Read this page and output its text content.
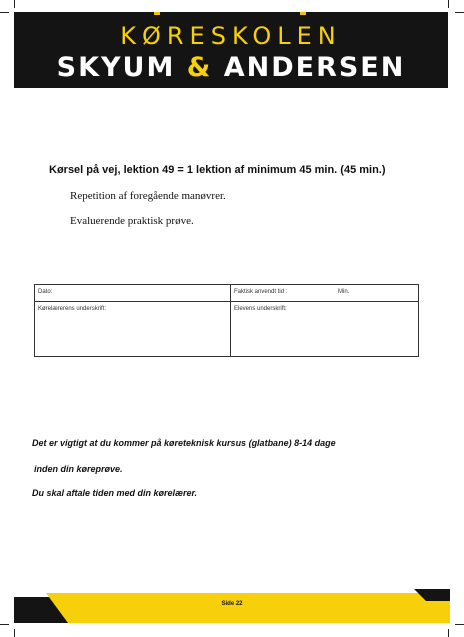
KØRESKOLEN
SKYUM & ANDERSEN
Kørsel på vej, lektion 49 = 1 lektion af minimum 45 min. (45 min.)
Repetition af foregående manøvrer.
Evaluerende praktisk prøve.
Dato:	Faktisk anvendt tid :	Min.
Kørelærerens underskrift:	Elevens underskrift:
Det er vigtigt at du kommer på køreteknisk kursus (glatbane) 8-14 dage
inden din køreprøve.
Du skal aftale tiden med din kørelærer.
Side 22
